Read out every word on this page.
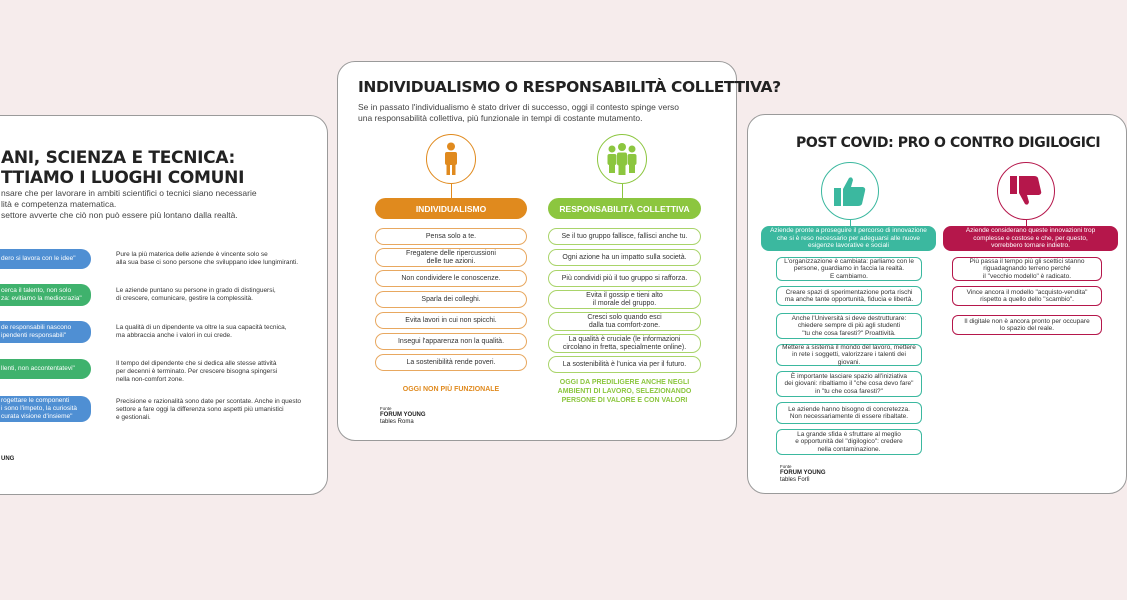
ANI, SCIENZA E TECNICA:
TTIAMO I LUOGHI COMUNI
nsare che per lavorare in ambiti scientifici o tecnici siano necessarie
lità e competenza matematica.
settore avverte che ciò non può essere più lontano dalla realtà.
dero si lavora con le idee"
Pure la più materica delle aziende è vincente solo se
alla sua base ci sono persone che sviluppano idee lungimiranti.
cerca il talento, non solo
za: evitiamo la mediocrazia"
Le aziende puntano su persone in grado di distinguersi,
di crescere, comunicare, gestire la complessità.
de responsabili nascono
ipendenti responsabili"
La qualità di un dipendente va oltre la sua capacità tecnica,
ma abbraccia anche i valori in cui crede.
llenti, non accontentatevi"
Il tempo del dipendente che si dedica alle stesse attività
per decenni è terminato. Per crescere bisogna spingersi
nella non-comfort zone.
rogettare le componenti
i sono l'impeto, la curiosità
curata visione d'insieme"
Precisione e razionalità sono date per scontate. Anche in questo
settore a fare oggi la differenza sono aspetti più umanistici
e gestionali.
UNG
INDIVIDUALISMO O RESPONSABILITÀ COLLETTIVA?
Se in passato l'individualismo è stato driver di successo, oggi il contesto spinge verso
una responsabilità collettiva, più funzionale in tempi di costante mutamento.
INDIVIDUALISMO	RESPONSABILITÀ COLLETTIVA
Pensa solo a te.
Fregatene delle ripercussioni
delle tue azioni.
Non condividere le conoscenze.
Sparla dei colleghi.
Evita lavori in cui non spicchi.
Insegui l'apparenza non la qualità.
La sostenibilità rende poveri.
Se il tuo gruppo fallisce, fallisci anche tu.
Ogni azione ha un impatto sulla società.
Più condividi più il tuo gruppo si rafforza.
Evita il gossip e tieni alto
il morale del gruppo.
Cresci solo quando esci
dalla tua comfort-zone.
La qualità è cruciale (le informazioni
circolano in fretta, specialmente online).
La sostenibilità è l'unica via per il futuro.
OGGI NON PIÙ FUNZIONALE
OGGI DA PREDILIGERE ANCHE NEGLI
AMBIENTI DI LAVORO, SELEZIONANDO
PERSONE DI VALORE E CON VALORI
Fonte
FORUM YOUNG
tables Roma
POST COVID: PRO O CONTRO DIGILOGICI
Aziende pronte a proseguire il percorso di innovazione
che si è reso necessario per adeguarsi alle nuove
esigenze lavorative e sociali
Aziende considerano queste innovazioni trop
complesse e costose e che, per questo,
vorrebbero tornare indietro.
L'organizzazione è cambiata: parliamo con le
persone, guardiamo in faccia la realtà.
E cambiamo.
Creare spazi di sperimentazione porta rischi
ma anche tante opportunità, fiducia e libertà.
Anche l'Università si deve destrutturare:
chiedere sempre di più agli studenti
"tu che cosa faresti?" Proattività.
Mettere a sistema il mondo del lavoro, mettere
in rete i soggetti, valorizzare i talenti dei giovani.
È importante lasciare spazio all'iniziativa
dei giovani: ribaltiamo il "che cosa devo fare"
in "tu che cosa faresti?"
Le aziende hanno bisogno di concretezza.
Non necessariamente di essere ribaltate.
La grande sfida è sfruttare al meglio
e opportunità del "digilogico": credere
nella contaminazione.
Più passa il tempo più gli scettici stanno
riguadagnando terreno perché
il "vecchio modello" è radicato.
Vince ancora il modello "acquisto-vendita"
rispetto a quello dello "scambio".
Il digitale non è ancora pronto per occupare
lo spazio del reale.
Fonte
FORUM YOUNG
tables Forlì
